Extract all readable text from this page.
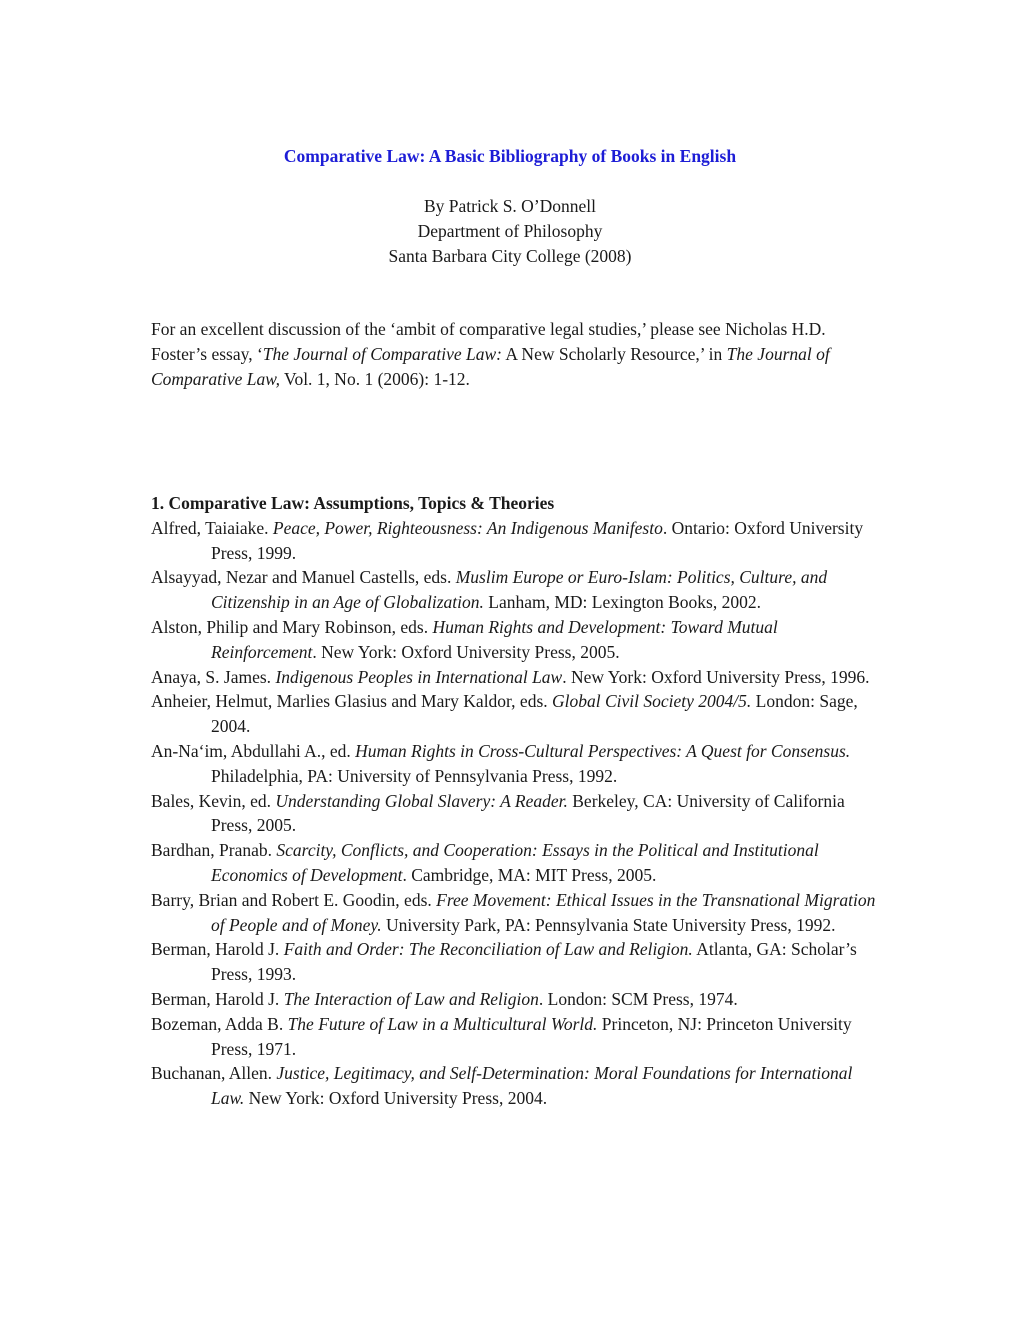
Comparative Law: A Basic Bibliography of Books in English
By Patrick S. O’Donnell
Department of Philosophy
Santa Barbara City College (2008)

For an excellent discussion of the ‘ambit of comparative legal studies,’ please see Nicholas H.D. Foster’s essay, ‘The Journal of Comparative Law: A New Scholarly Resource,’ in The Journal of Comparative Law, Vol. 1, No. 1 (2006): 1-12.

1. Comparative Law: Assumptions, Topics & Theories

Alfred, Taiaiake. Peace, Power, Righteousness: An Indigenous Manifesto. Ontario: Oxford University Press, 1999.

Alsayyad, Nezar and Manuel Castells, eds. Muslim Europe or Euro-Islam: Politics, Culture, and Citizenship in an Age of Globalization. Lanham, MD: Lexington Books, 2002.

Alston, Philip and Mary Robinson, eds. Human Rights and Development: Toward Mutual Reinforcement. New York: Oxford University Press, 2005.

Anaya, S. James. Indigenous Peoples in International Law. New York: Oxford University Press, 1996.

Anheier, Helmut, Marlies Glasius and Mary Kaldor, eds. Global Civil Society 2004/5. London: Sage, 2004.

An-Na‘im, Abdullahi A., ed. Human Rights in Cross-Cultural Perspectives: A Quest for Consensus. Philadelphia, PA: University of Pennsylvania Press, 1992.

Bales, Kevin, ed. Understanding Global Slavery: A Reader. Berkeley, CA: University of California Press, 2005.

Bardhan, Pranab. Scarcity, Conflicts, and Cooperation: Essays in the Political and Institutional Economics of Development. Cambridge, MA: MIT Press, 2005.

Barry, Brian and Robert E. Goodin, eds. Free Movement: Ethical Issues in the Transnational Migration of People and of Money. University Park, PA: Pennsylvania State University Press, 1992.

Berman, Harold J. Faith and Order: The Reconciliation of Law and Religion. Atlanta, GA: Scholar’s Press, 1993.

Berman, Harold J. The Interaction of Law and Religion. London: SCM Press, 1974.

Bozeman, Adda B. The Future of Law in a Multicultural World. Princeton, NJ: Princeton University Press, 1971.

Buchanan, Allen. Justice, Legitimacy, and Self-Determination: Moral Foundations for International Law. New York: Oxford University Press, 2004.
